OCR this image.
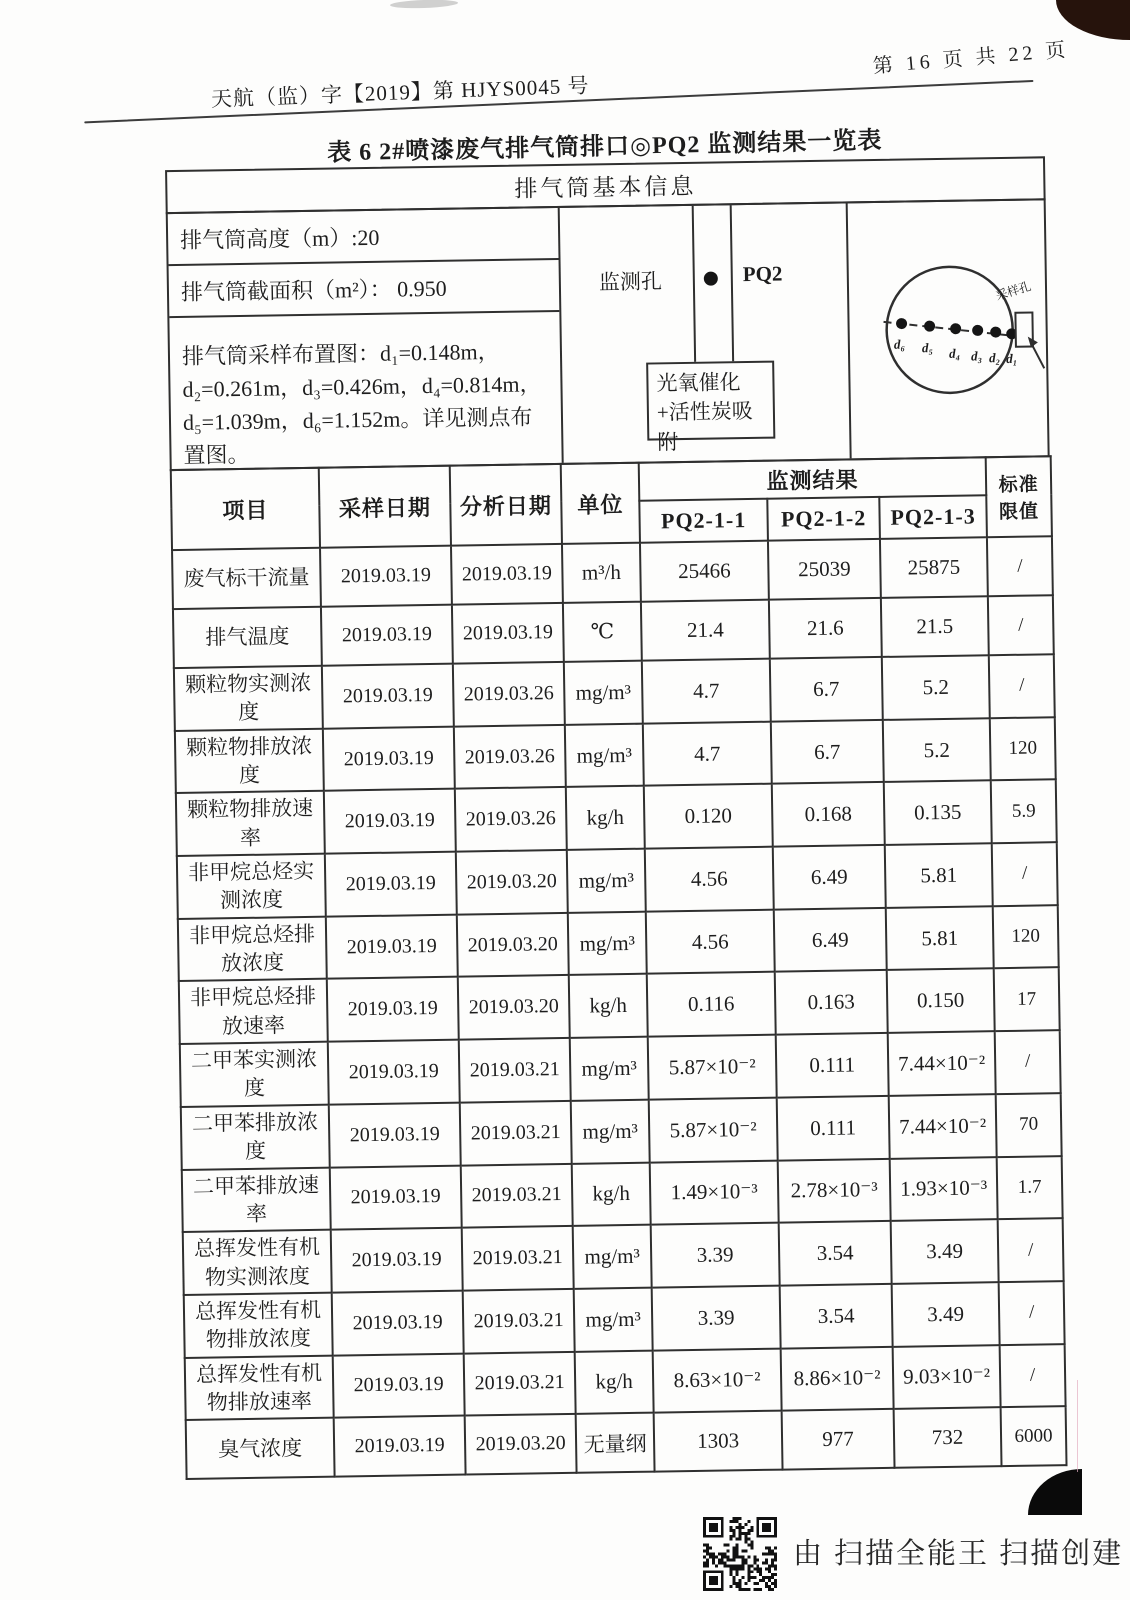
天航（监）字【2019】第 HJYS0045 号
第 16 页 共 22 页
表 6 2#喷漆废气排气筒排口◎PQ2 监测结果一览表
排气筒基本信息
排气筒高度（m）:20
排气筒截面积（m²）： 0.950
排气筒采样布置图：d₁=0.148m，d₂=0.261m，d₃=0.426m，d₄=0.814m，d₅=1.039m，d₆=1.152m。详见测点布置图。
监测孔	PQ2
光氧催化+活性炭吸附
d₆ d₅ d₄ d₃ d₂ d₁
采样孔
项目	采样日期	分析日期	单位	监测结果			标准限值
				PQ2-1-1	PQ2-1-2	PQ2-1-3	
废气标干流量	2019.03.19	2019.03.19	m³/h	25466	25039	25875	/
排气温度	2019.03.19	2019.03.19	℃	21.4	21.6	21.5	/
颗粒物实测浓度	2019.03.19	2019.03.26	mg/m³	4.7	6.7	5.2	/
颗粒物排放浓度	2019.03.19	2019.03.26	mg/m³	4.7	6.7	5.2	120
颗粒物排放速率	2019.03.19	2019.03.26	kg/h	0.120	0.168	0.135	5.9
非甲烷总烃实测浓度	2019.03.19	2019.03.20	mg/m³	4.56	6.49	5.81	/
非甲烷总烃排放浓度	2019.03.19	2019.03.20	mg/m³	4.56	6.49	5.81	120
非甲烷总烃排放速率	2019.03.19	2019.03.20	kg/h	0.116	0.163	0.150	17
二甲苯实测浓度	2019.03.19	2019.03.21	mg/m³	5.87×10⁻²	0.111	7.44×10⁻²	/
二甲苯排放浓度	2019.03.19	2019.03.21	mg/m³	5.87×10⁻²	0.111	7.44×10⁻²	70
二甲苯排放速率	2019.03.19	2019.03.21	kg/h	1.49×10⁻³	2.78×10⁻³	1.93×10⁻³	1.7
总挥发性有机物实测浓度	2019.03.19	2019.03.21	mg/m³	3.39	3.54	3.49	/
总挥发性有机物排放浓度	2019.03.19	2019.03.21	mg/m³	3.39	3.54	3.49	/
总挥发性有机物排放速率	2019.03.19	2019.03.21	kg/h	8.63×10⁻²	8.86×10⁻²	9.03×10⁻²	/
臭气浓度	2019.03.19	2019.03.20	无量纲	1303	977	732	6000
由 扫描全能王 扫描创建
